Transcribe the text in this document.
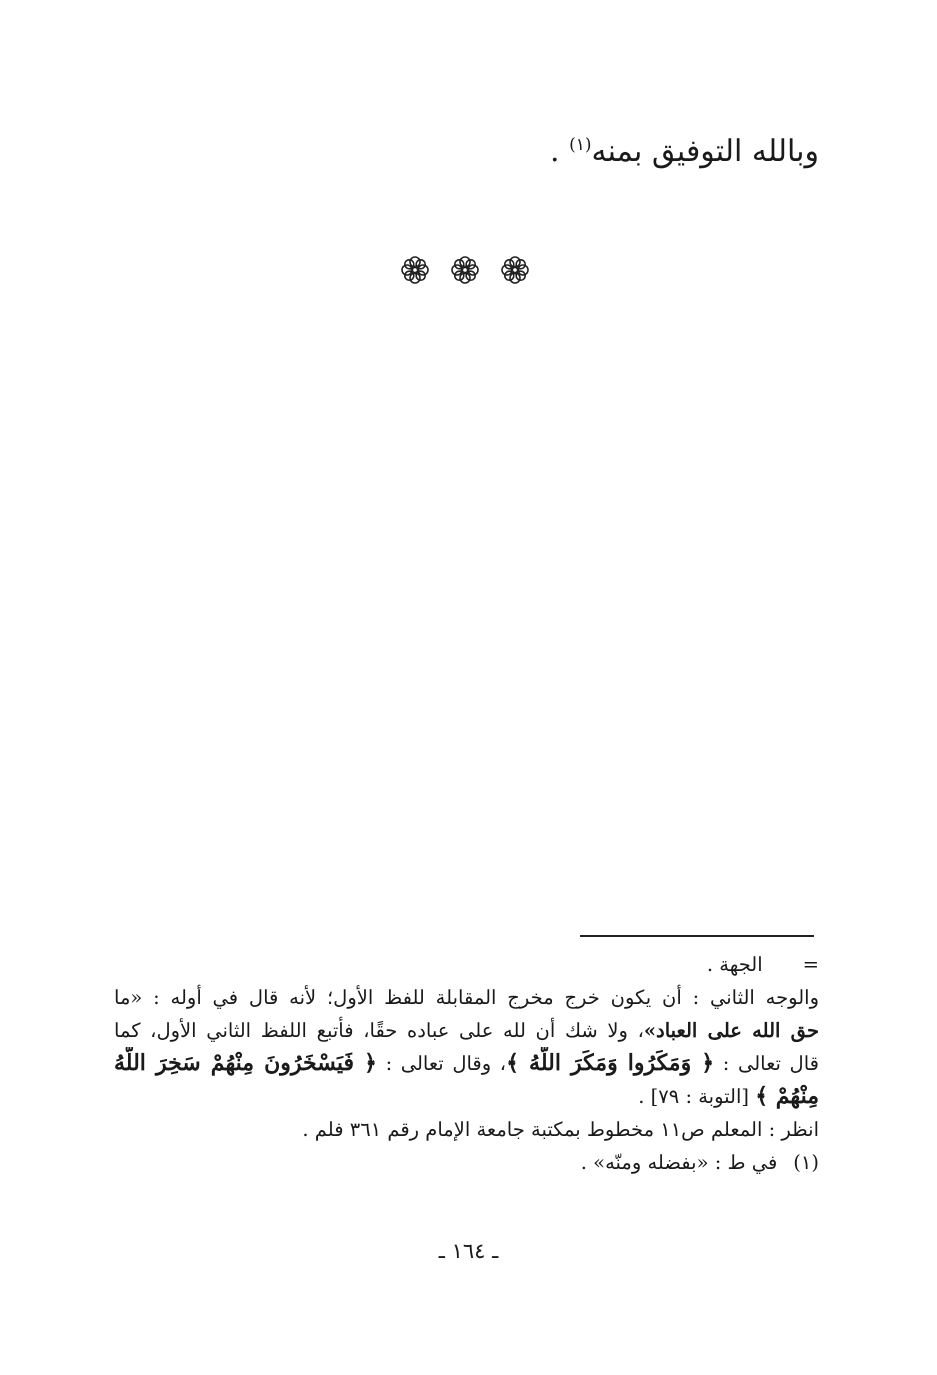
وبالله التوفيق بمنه$^{(١)}$ .
=الجهة .
والوجه الثاني : أن يكون خرج مخرج المقابلة للفظ الأول؛ لأنه قال في أوله : «ما
حق الله على العباد»، ولا شك أن لله على عباده حقًا، فأتبع اللفظ الثاني الأول، كما
قال تعالى : ﴿ وَمَكَرُوا وَمَكَرَ اللَّهُ ﴾، وقال تعالى : ﴿ فَيَسْخَرُونَ مِنْهُمْ سَخِرَ اللَّهُ
مِنْهُمْ ﴾ [التوبة : ٧٩] .
انظر : المعلم ص١١ مخطوط بمكتبة جامعة الإمام رقم ٣٦١ فلم .
(١)في ط : «بفضله ومنّه» .
ـ ١٦٤ ـ
